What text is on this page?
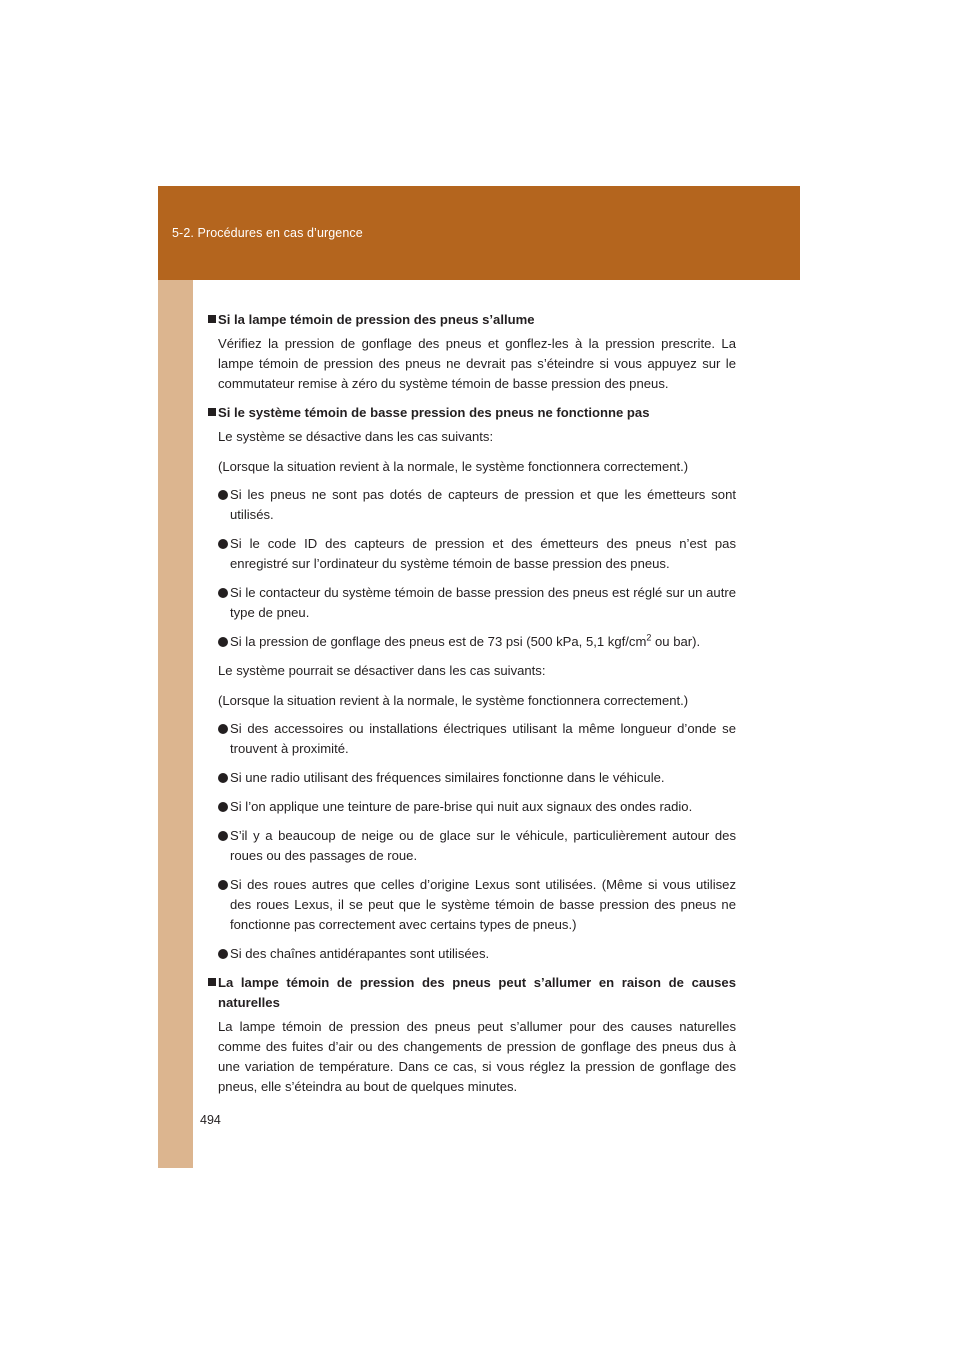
5-2. Procédures en cas d’urgence
Si la lampe témoin de pression des pneus s’allume
Vérifiez la pression de gonflage des pneus et gonflez-les à la pression prescrite. La lampe témoin de pression des pneus ne devrait pas s’éteindre si vous appuyez sur le commutateur remise à zéro du système témoin de basse pression des pneus.
Si le système témoin de basse pression des pneus ne fonctionne pas
Le système se désactive dans les cas suivants:
(Lorsque la situation revient à la normale, le système fonctionnera correctement.)
Si les pneus ne sont pas dotés de capteurs de pression et que les émetteurs sont utilisés.
Si le code ID des capteurs de pression et des émetteurs des pneus n’est pas enregistré sur l’ordinateur du système témoin de basse pression des pneus.
Si le contacteur du système témoin de basse pression des pneus est réglé sur un autre type de pneu.
Si la pression de gonflage des pneus est de 73 psi (500 kPa, 5,1 kgf/$cm^2$ ou bar).
Le système pourrait se désactiver dans les cas suivants:
(Lorsque la situation revient à la normale, le système fonctionnera correctement.)
Si des accessoires ou installations électriques utilisant la même longueur d’onde se trouvent à proximité.
Si une radio utilisant des fréquences similaires fonctionne dans le véhicule.
Si l’on applique une teinture de pare-brise qui nuit aux signaux des ondes radio.
S’il y a beaucoup de neige ou de glace sur le véhicule, particulièrement autour des roues ou des passages de roue.
Si des roues autres que celles d’origine Lexus sont utilisées. (Même si vous utilisez des roues Lexus, il se peut que le système témoin de basse pression des pneus ne fonctionne pas correctement avec certains types de pneus.)
Si des chaînes antidérapantes sont utilisées.
La lampe témoin de pression des pneus peut s’allumer en raison de causes naturelles
La lampe témoin de pression des pneus peut s’allumer pour des causes naturelles comme des fuites d’air ou des changements de pression de gonflage des pneus dus à une variation de température. Dans ce cas, si vous réglez la pression de gonflage des pneus, elle s’éteindra au bout de quelques minutes.
494
